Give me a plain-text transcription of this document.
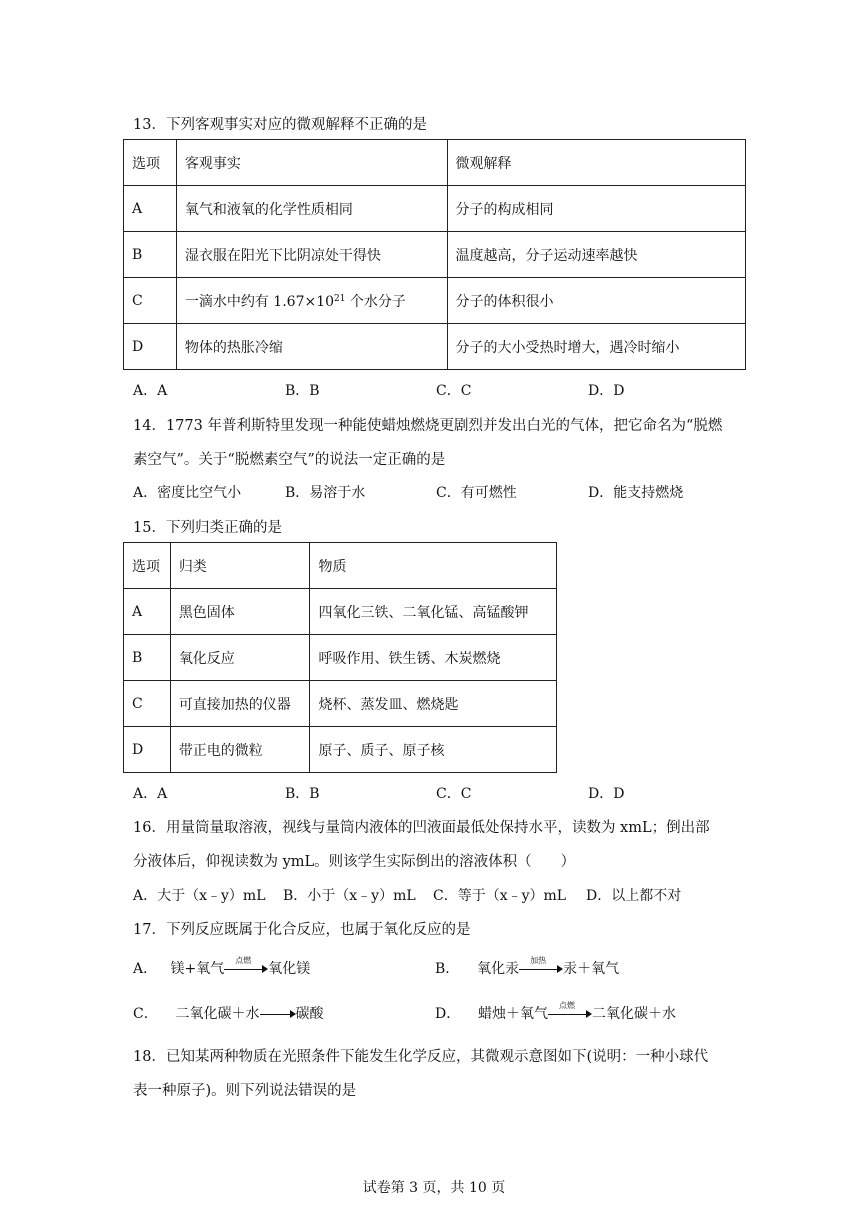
13．下列客观事实对应的微观解释不正确的是
选项	客观事实	微观解释
A	氧气和液氧的化学性质相同	分子的构成相同
B	湿衣服在阳光下比阴凉处干得快	温度越高，分子运动速率越快
C	一滴水中约有 $1.67\times 10^{21}$ 个水分子	分子的体积很小
D	物体的热胀冷缩	分子的大小受热时增大，遇冷时缩小
A．A	B．B	C．C	D．D
14．1773 年普利斯特里发现一种能使蜡烛燃烧更剧烈并发出白光的气体，把它命名为“脱燃
素空气”。关于“脱燃素空气”的说法一定正确的是
A．密度比空气小	B．易溶于水	C．有可燃性	D．能支持燃烧
15．下列归类正确的是
选项	归类	物质
A	黑色固体	四氧化三铁、二氧化锰、高锰酸钾
B	氧化反应	呼吸作用、铁生锈、木炭燃烧
C	可直接加热的仪器	烧杯、蒸发皿、燃烧匙
D	带正电的微粒	原子、质子、原子核
A．A	B．B	C．C	D．D
16．用量筒量取溶液，视线与量筒内液体的凹液面最低处保持水平，读数为 xmL；倒出部
分液体后，仰视读数为 ymL。则该学生实际倒出的溶液体积（　　）
A．大于（x﹣y）mL	B．小于（x﹣y）mL	C．等于（x﹣y）mL	D．以上都不对
17．下列反应既属于化合反应，也属于氧化反应的是
A． 镁+氧气
点燃
氧化镁	B． 氧化汞
加热
汞＋氧气
C． 二氧化碳＋水	碳酸	D． 蜡烛＋氧气
点燃
二氧化碳＋水
18．已知某两种物质在光照条件下能发生化学反应，其微观示意图如下(说明：一种小球代
表一种原子)。则下列说法错误的是
试卷第 3 页，共 10 页
